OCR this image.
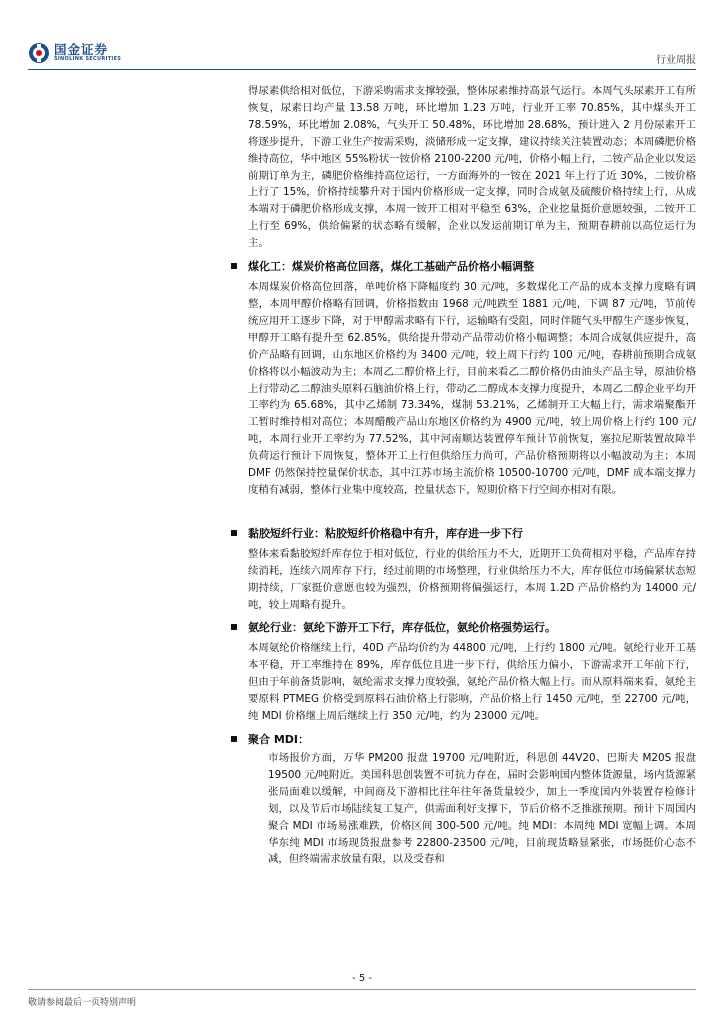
国金证券
SINOLINK SECURITIES	行业周报

得尿素供给相对低位，下游采购需求支撑较强，整体尿素维持高景气运行。本周气头尿素开工有所恢复，尿素日均产量 13.58 万吨，环比增加 1.23 万吨，行业开工率 70.85%，其中煤头开工 78.59%，环比增加 2.08%，气头开工 50.48%，环比增加 28.68%，预计进入 2 月份尿素开工将逐步提升，下游工业生产按需采购，淡储形成一定支撑，建议持续关注装置动态；本周磷肥价格维持高位，华中地区 55%粉状一铵价格 2100-2200 元/吨，价格小幅上行，二铵产品企业以发运前期订单为主，磷肥价格维持高位运行，一方面海外的一铵在 2021 年上行了近 30%，二铵价格上行了 15%，价格持续攀升对于国内价格形成一定支撑，同时合成氨及硫酸价格持续上行，从成本端对于磷肥价格形成支撑，本周一铵开工相对平稳至 63%，企业挖量挺价意愿较强，二铵开工上行至 69%，供给偏紧的状态略有缓解，企业以发运前期订单为主，预期春耕前以高位运行为主。

煤化工：煤炭价格高位回落，煤化工基础产品价格小幅调整

本周煤炭价格高位回落，单吨价格下降幅度约 30 元/吨，多数煤化工产品的成本支撑力度略有调整，本周甲醇价格略有回调，价格指数由 1968 元/吨跌至 1881 元/吨，下调 87 元/吨，节前传统应用开工逐步下降，对于甲醇需求略有下行，运输略有受阻，同时伴随气头甲醇生产逐步恢复，甲醇开工略有提升至 62.85%，供给提升带动产品带动价格小幅调整；本周合成氨供应提升，高价产品略有回调，山东地区价格约为 3400 元/吨，较上周下行约 100 元/吨，春耕前预期合成氨价格将以小幅波动为主；本周乙二醇价格上行，目前来看乙二醇价格仍由油头产品主导，原油价格上行带动乙二醇油头原料石脑油价格上行，带动乙二醇成本支撑力度提升，本周乙二醇企业平均开工率约为 65.68%，其中乙烯制 73.34%，煤制 53.21%，乙烯制开工大幅上行，需求端聚酯开工暂时维持相对高位；本周醋酸产品山东地区价格约为 4900 元/吨，较上周价格上行约 100 元/吨，本周行业开工率约为 77.52%，其中河南顺达装置停车预计节前恢复，塞拉尼斯装置故障半负荷运行预计下周恢复，整体开工上行但供给压力尚可，产品价格预期将以小幅波动为主；本周 DMF 仍然保持控量保价状态，其中江苏市场主流价格 10500-10700 元/吨，DMF 成本端支撑力度稍有减弱，整体行业集中度较高，控量状态下，短期价格下行空间亦相对有限。

黏胶短纤行业：粘胶短纤价格稳中有升，库存进一步下行

整体来看黏胶短纤库存位于相对低位，行业的供给压力不大，近期开工负荷相对平稳，产品库存持续消耗，连续六周库存下行，经过前期的市场整理，行业供给压力不大，库存低位市场偏紧状态短期持续，厂家挺价意愿也较为强烈，价格预期将偏强运行，本周 1.2D 产品价格约为 14000 元/吨，较上周略有提升。

氨纶行业：氨纶下游开工下行，库存低位，氨纶价格强势运行。

本周氨纶价格继续上行，40D 产品均价约为 44800 元/吨，上行约 1800 元/吨。氨纶行业开工基本平稳，开工率维持在 89%，库存低位且进一步下行，供给压力偏小，下游需求开工年前下行，但由于年前备货影响，氨纶需求支撑力度较强，氨纶产品价格大幅上行。而从原料端来看，氨纶主要原料 PTMEG 价格受到原料石油价格上行影响，产品价格上行 1450 元/吨，至 22700 元/吨，纯 MDI 价格继上周后继续上行 350 元/吨，约为 23000 元/吨。

聚合 MDI：

市场报价方面，万华 PM200 报盘 19700 元/吨附近，科思创 44V20、巴斯夫 M20S 报盘 19500 元/吨附近。美国科思创装置不可抗力存在，届时会影响国内整体货源量，场内货源紧张局面难以缓解，中间商及下游相比往年往年备货量较少，加上一季度国内外装置存检修计划，以及节后市场陆续复工复产，供需面利好支撑下，节后价格不乏推涨预期。预计下周国内聚合 MDI 市场易涨难跌，价格区间 300-500 元/吨。纯 MDI：本周纯 MDI 宽幅上调。本周华东纯 MDI 市场现货报盘参考 22800-23500 元/吨，目前现货略显紧张，市场挺价心态不减，但终端需求放量有限，以及受春和

- 5 -
敬请参阅最后一页特别声明
